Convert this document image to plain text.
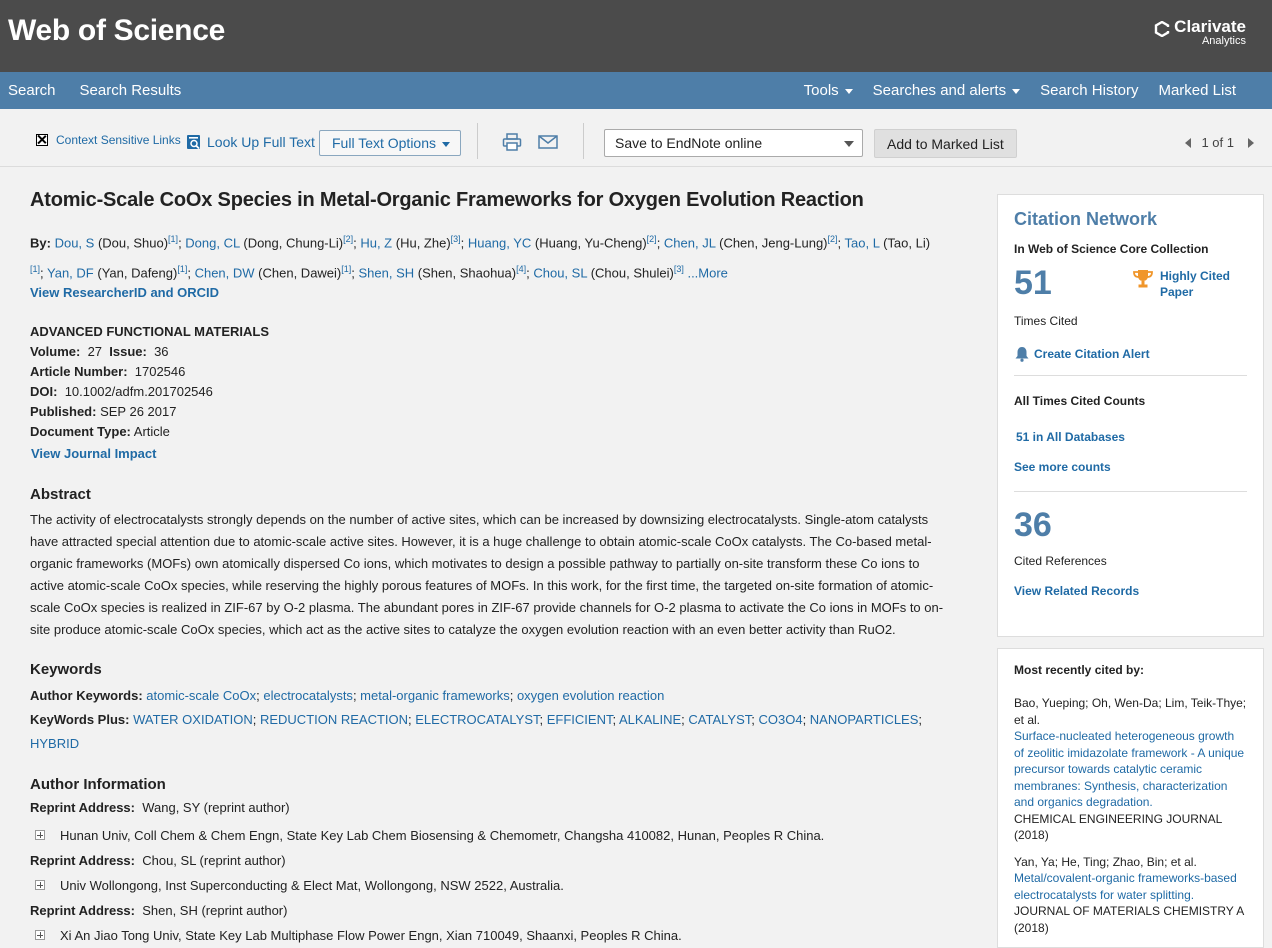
Web of Science	Clarivate
Analytics
Search Search Results	Tools Searches and alerts Search History Marked List
Context Sensitive Links Look Up Full Text Full Text Options	Save to EndNote online	Add to Marked List	1 of 1
Atomic-Scale CoOx Species in Metal-Organic Frameworks for Oxygen Evolution Reaction
By: Dou, S (Dou, Shuo)[1]; Dong, CL (Dong, Chung-Li)[2]; Hu, Z (Hu, Zhe)[3]; Huang, YC (Huang, Yu-Cheng)[2]; Chen, JL (Chen, Jeng-Lung)[2]; Tao, L (Tao, Li)
[1]; Yan, DF (Yan, Dafeng)[1]; Chen, DW (Chen, Dawei)[1]; Shen, SH (Shen, Shaohua)[4]; Chou, SL (Chou, Shulei)[3] ...More
View ResearcherID and ORCID
ADVANCED FUNCTIONAL MATERIALS
Volume: 27 Issue: 36
Article Number: 1702546
DOI: 10.1002/adfm.201702546
Published: SEP 26 2017
Document Type: Article
View Journal Impact
Abstract
The activity of electrocatalysts strongly depends on the number of active sites, which can be increased by downsizing electrocatalysts. Single-atom catalysts have attracted special attention due to atomic-scale active sites. However, it is a huge challenge to obtain atomic-scale CoOx catalysts. The Co-based metal-organic frameworks (MOFs) own atomically dispersed Co ions, which motivates to design a possible pathway to partially on-site transform these Co ions to active atomic-scale CoOx species, while reserving the highly porous features of MOFs. In this work, for the first time, the targeted on-site formation of atomic-scale CoOx species is realized in ZIF-67 by O-2 plasma. The abundant pores in ZIF-67 provide channels for O-2 plasma to activate the Co ions in MOFs to on-site produce atomic-scale CoOx species, which act as the active sites to catalyze the oxygen evolution reaction with an even better activity than RuO2.
Keywords
Author Keywords: atomic-scale CoOx; electrocatalysts; metal-organic frameworks; oxygen evolution reaction
KeyWords Plus: WATER OXIDATION; REDUCTION REACTION; ELECTROCATALYST; EFFICIENT; ALKALINE; CATALYST; CO3O4; NANOPARTICLES; HYBRID
Author Information
Reprint Address: Wang, SY (reprint author)
Hunan Univ, Coll Chem & Chem Engn, State Key Lab Chem Biosensing & Chemometr, Changsha 410082, Hunan, Peoples R China.
Reprint Address: Chou, SL (reprint author)
Univ Wollongong, Inst Superconducting & Elect Mat, Wollongong, NSW 2522, Australia.
Reprint Address: Shen, SH (reprint author)
Xi An Jiao Tong Univ, State Key Lab Multiphase Flow Power Engn, Xian 710049, Shaanxi, Peoples R China.
Citation Network
In Web of Science Core Collection
51	Highly Cited Paper
Times Cited
Create Citation Alert
All Times Cited Counts
51 in All Databases
See more counts
36
Cited References
View Related Records
Most recently cited by:
Bao, Yueping; Oh, Wen-Da; Lim, Teik-Thye; et al.
Surface-nucleated heterogeneous growth of zeolitic imidazolate framework - A unique precursor towards catalytic ceramic membranes: Synthesis, characterization and organics degradation.
CHEMICAL ENGINEERING JOURNAL (2018)
Yan, Ya; He, Ting; Zhao, Bin; et al.
Metal/covalent-organic frameworks-based electrocatalysts for water splitting.
JOURNAL OF MATERIALS CHEMISTRY A (2018)
